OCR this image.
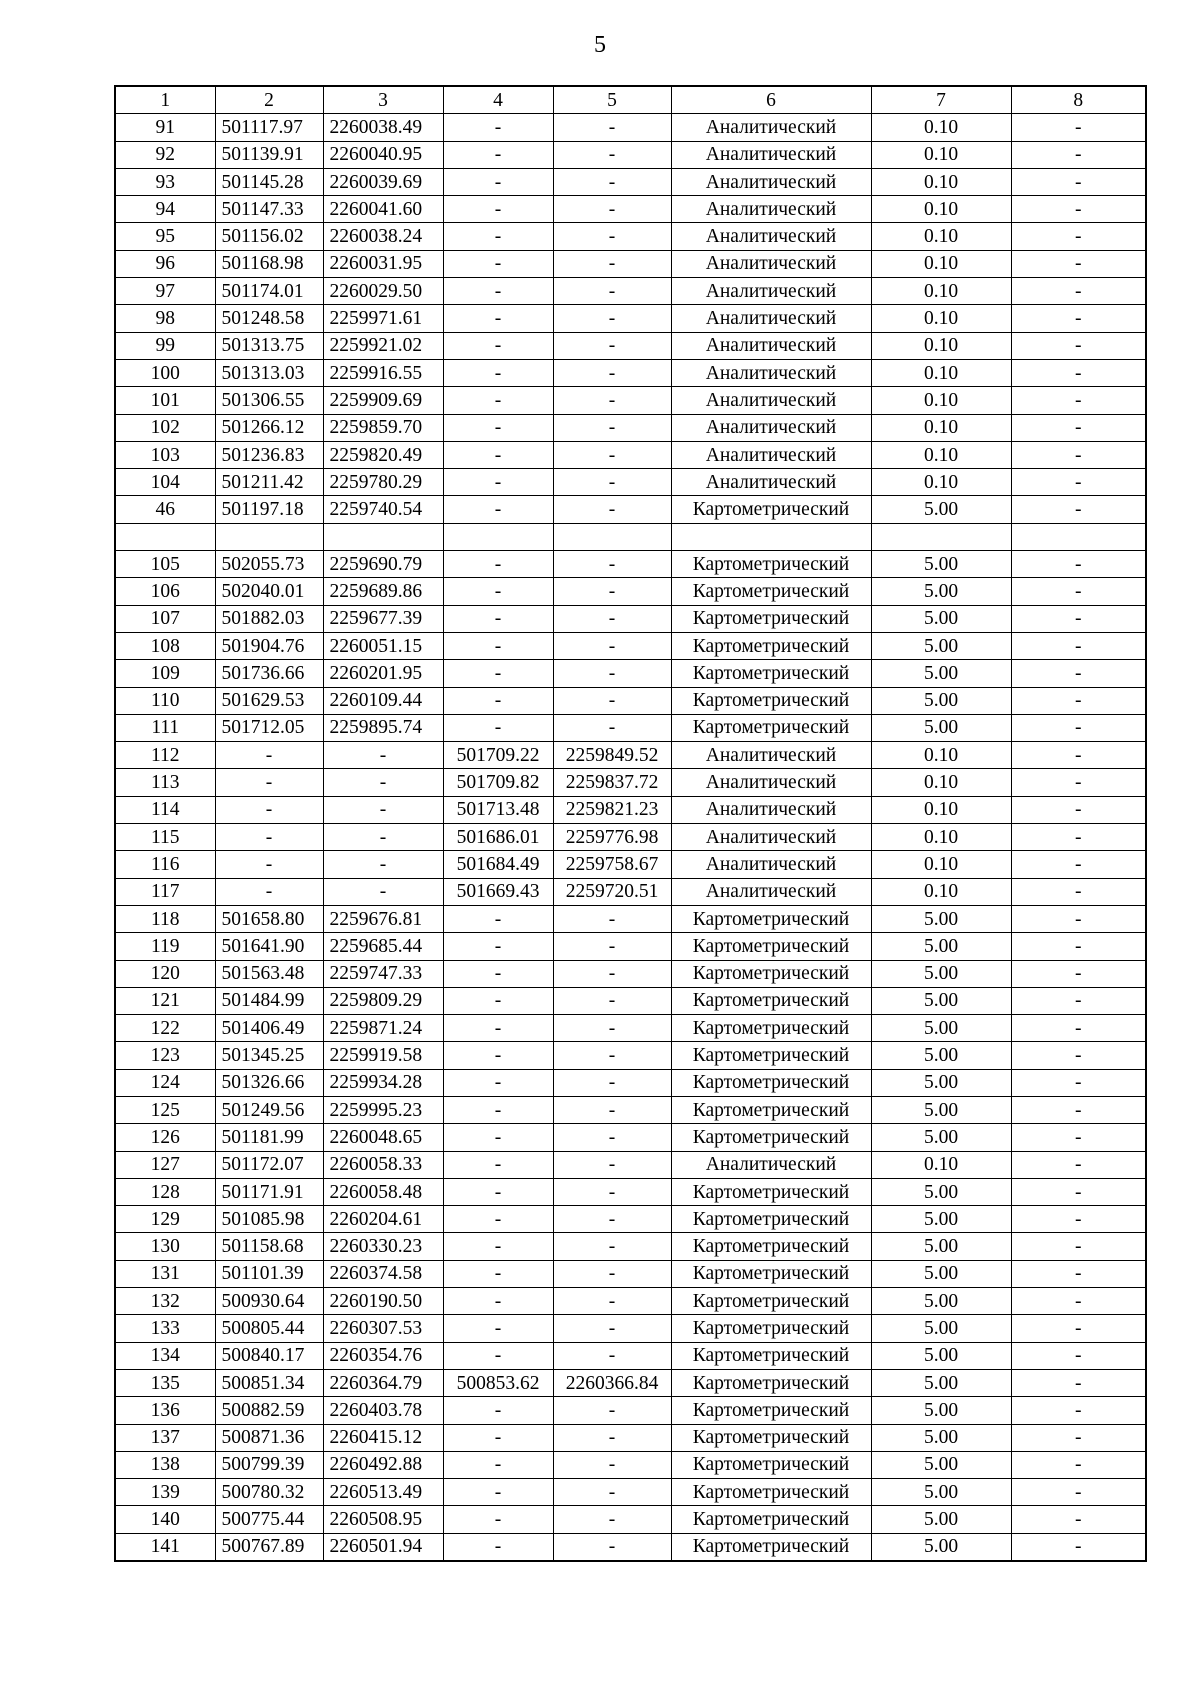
5
1	2	3	4	5	6	7	8
91	501117.97	2260038.49	-	-	Аналитический	0.10	-
92	501139.91	2260040.95	-	-	Аналитический	0.10	-
93	501145.28	2260039.69	-	-	Аналитический	0.10	-
94	501147.33	2260041.60	-	-	Аналитический	0.10	-
95	501156.02	2260038.24	-	-	Аналитический	0.10	-
96	501168.98	2260031.95	-	-	Аналитический	0.10	-
97	501174.01	2260029.50	-	-	Аналитический	0.10	-
98	501248.58	2259971.61	-	-	Аналитический	0.10	-
99	501313.75	2259921.02	-	-	Аналитический	0.10	-
100	501313.03	2259916.55	-	-	Аналитический	0.10	-
101	501306.55	2259909.69	-	-	Аналитический	0.10	-
102	501266.12	2259859.70	-	-	Аналитический	0.10	-
103	501236.83	2259820.49	-	-	Аналитический	0.10	-
104	501211.42	2259780.29	-	-	Аналитический	0.10	-
46	501197.18	2259740.54	-	-	Картометрический	5.00	-

105	502055.73	2259690.79	-	-	Картометрический	5.00	-
106	502040.01	2259689.86	-	-	Картометрический	5.00	-
107	501882.03	2259677.39	-	-	Картометрический	5.00	-
108	501904.76	2260051.15	-	-	Картометрический	5.00	-
109	501736.66	2260201.95	-	-	Картометрический	5.00	-
110	501629.53	2260109.44	-	-	Картометрический	5.00	-
111	501712.05	2259895.74	-	-	Картометрический	5.00	-
112	-	-	501709.22	2259849.52	Аналитический	0.10	-
113	-	-	501709.82	2259837.72	Аналитический	0.10	-
114	-	-	501713.48	2259821.23	Аналитический	0.10	-
115	-	-	501686.01	2259776.98	Аналитический	0.10	-
116	-	-	501684.49	2259758.67	Аналитический	0.10	-
117	-	-	501669.43	2259720.51	Аналитический	0.10	-
118	501658.80	2259676.81	-	-	Картометрический	5.00	-
119	501641.90	2259685.44	-	-	Картометрический	5.00	-
120	501563.48	2259747.33	-	-	Картометрический	5.00	-
121	501484.99	2259809.29	-	-	Картометрический	5.00	-
122	501406.49	2259871.24	-	-	Картометрический	5.00	-
123	501345.25	2259919.58	-	-	Картометрический	5.00	-
124	501326.66	2259934.28	-	-	Картометрический	5.00	-
125	501249.56	2259995.23	-	-	Картометрический	5.00	-
126	501181.99	2260048.65	-	-	Картометрический	5.00	-
127	501172.07	2260058.33	-	-	Аналитический	0.10	-
128	501171.91	2260058.48	-	-	Картометрический	5.00	-
129	501085.98	2260204.61	-	-	Картометрический	5.00	-
130	501158.68	2260330.23	-	-	Картометрический	5.00	-
131	501101.39	2260374.58	-	-	Картометрический	5.00	-
132	500930.64	2260190.50	-	-	Картометрический	5.00	-
133	500805.44	2260307.53	-	-	Картометрический	5.00	-
134	500840.17	2260354.76	-	-	Картометрический	5.00	-
135	500851.34	2260364.79	500853.62	2260366.84	Картометрический	5.00	-
136	500882.59	2260403.78	-	-	Картометрический	5.00	-
137	500871.36	2260415.12	-	-	Картометрический	5.00	-
138	500799.39	2260492.88	-	-	Картометрический	5.00	-
139	500780.32	2260513.49	-	-	Картометрический	5.00	-
140	500775.44	2260508.95	-	-	Картометрический	5.00	-
141	500767.89	2260501.94	-	-	Картометрический	5.00	-
